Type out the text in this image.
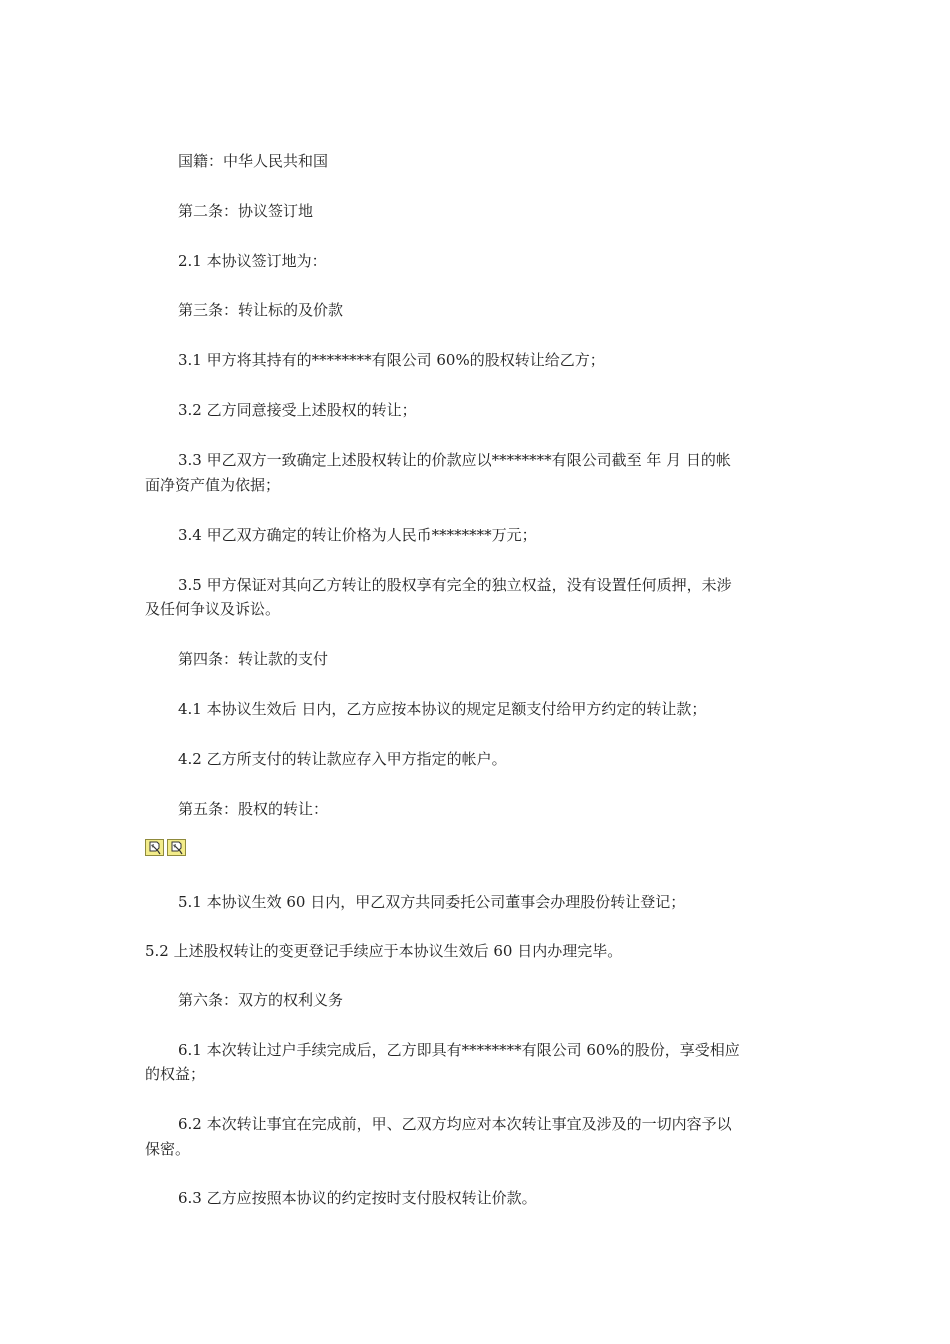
国籍：中华人民共和国
第二条：协议签订地
2.1 本协议签订地为：
第三条：转让标的及价款
3.1 甲方将其持有的********有限公司 60%的股权转让给乙方；
3.2 乙方同意接受上述股权的转让；
3.3 甲乙双方一致确定上述股权转让的价款应以********有限公司截至 年 月 日的帐
面净资产值为依据；
3.4 甲乙双方确定的转让价格为人民币********万元；
3.5 甲方保证对其向乙方转让的股权享有完全的独立权益，没有设置任何质押，未涉
及任何争议及诉讼。
第四条：转让款的支付
4.1 本协议生效后 日内，乙方应按本协议的规定足额支付给甲方约定的转让款；
4.2 乙方所支付的转让款应存入甲方指定的帐户。
第五条：股权的转让：
5.1 本协议生效 60 日内，甲乙双方共同委托公司董事会办理股份转让登记；
5.2 上述股权转让的变更登记手续应于本协议生效后 60 日内办理完毕。
第六条：双方的权利义务
6.1 本次转让过户手续完成后，乙方即具有********有限公司 60%的股份，享受相应
的权益；
6.2 本次转让事宜在完成前，甲、乙双方均应对本次转让事宜及涉及的一切内容予以
保密。
6.3 乙方应按照本协议的约定按时支付股权转让价款。
